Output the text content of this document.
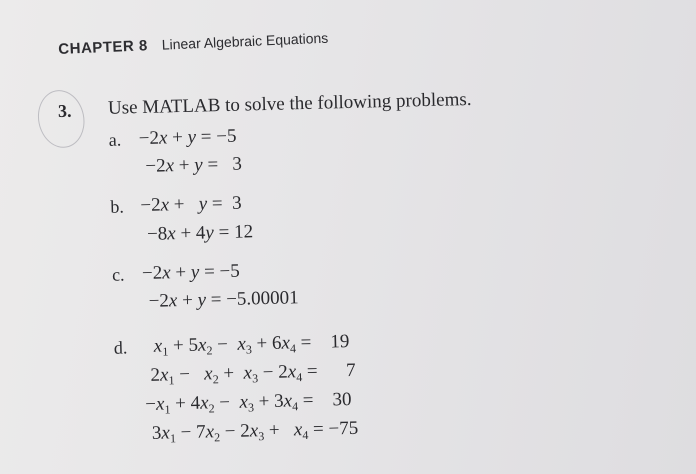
CHAPTER 8 Linear Algebraic Equations
3. Use MATLAB to solve the following problems.
a. −2x + y = −5
−2x + y =   3
b. −2x +   y =  3
−8x + 4y = 12
c. −2x + y = −5
−2x + y = −5.00001
d. $x_1 + 5x_2 - x_3 + 6x_4$ =    19
$2x_1 - x_2 + x_3 - 2x_4$ =      7
$-x_1 + 4x_2 - x_3 + 3x_4$ =    30
$3x_1 - 7x_2 - 2x_3 + x_4 = -75$
